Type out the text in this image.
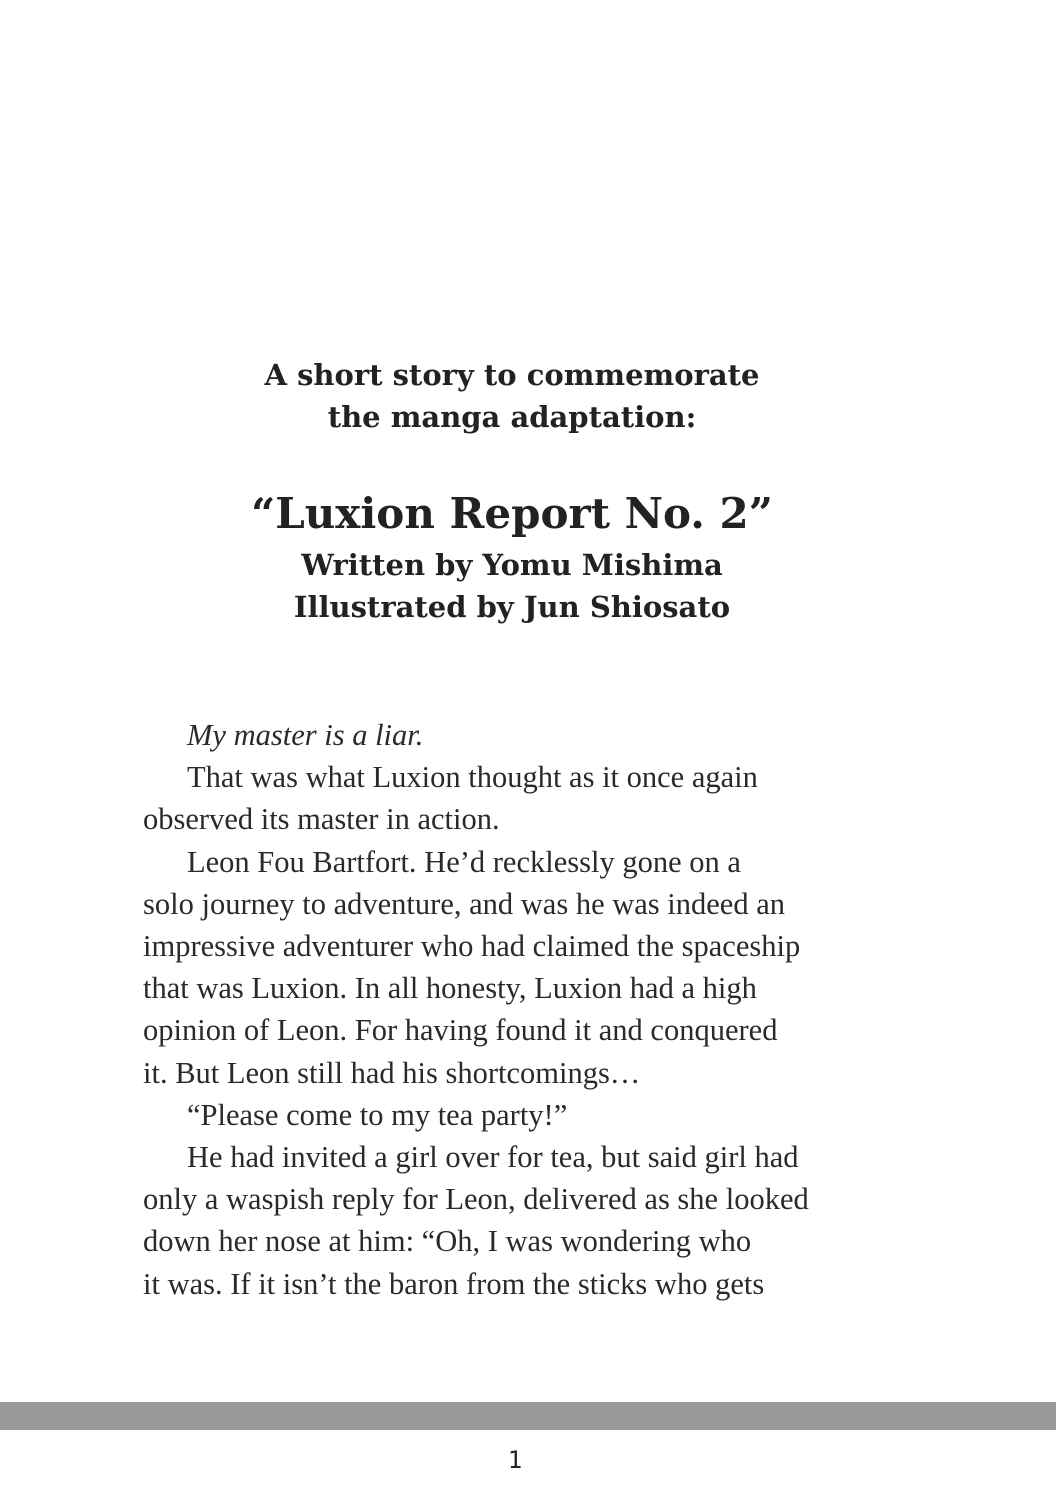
A short story to commemorate

the manga adaptation:

“Luxion Report No. 2”

Written by Yomu Mishima

Illustrated by Jun Shiosato

My master is a liar.

That was what Luxion thought as it once again
observed its master in action.

Leon Fou Bartfort. He’d recklessly gone on a
solo journey to adventure, and was he was indeed an
impressive adventurer who had claimed the spaceship
that was Luxion. In all honesty, Luxion had a high
opinion of Leon. For having found it and conquered
it. But Leon still had his shortcomings…

“Please come to my tea party!”

He had invited a girl over for tea, but said girl had
only a waspish reply for Leon, delivered as she looked
down her nose at him: “Oh, I was wondering who
it was. If it isn’t the baron from the sticks who gets

1
